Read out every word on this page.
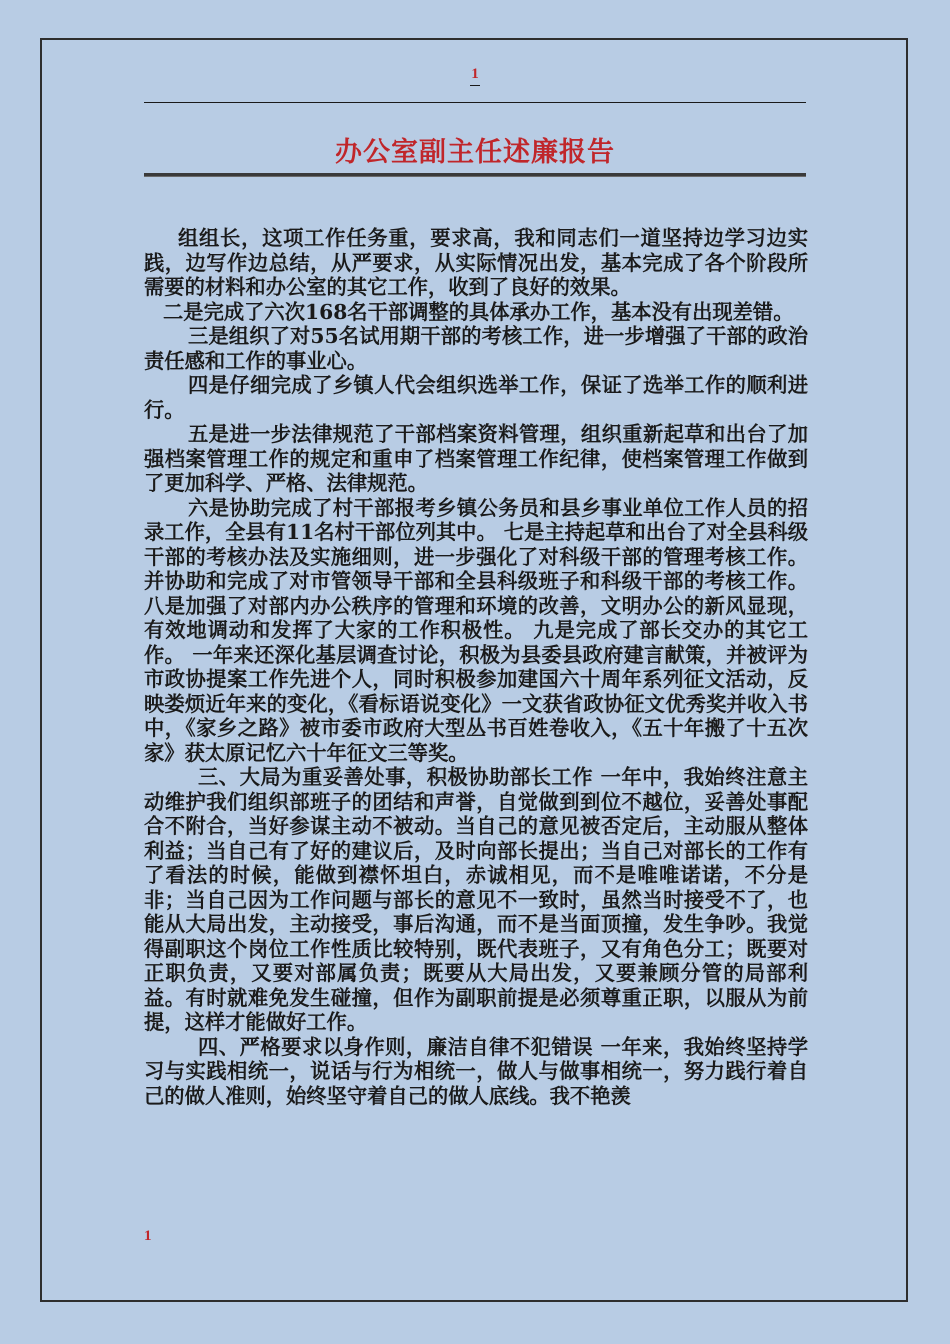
1
办公室副主任述廉报告

组组长，这项工作任务重，要求高，我和同志们一道坚持边学习边实践，边写作边总结，从严要求，从实际情况出发，基本完成了各个阶段所需要的材料和办公室的其它工作，收到了良好的效果。

二是完成了六次168名干部调整的具体承办工作，基本没有出现差错。

三是组织了对55名试用期干部的考核工作，进一步增强了干部的政治责任感和工作的事业心。

四是仔细完成了乡镇人代会组织选举工作，保证了选举工作的顺利进行。

五是进一步法律规范了干部档案资料管理，组织重新起草和出台了加强档案管理工作的规定和重申了档案管理工作纪律，使档案管理工作做到了更加科学、严格、法律规范。

六是协助完成了村干部报考乡镇公务员和县乡事业单位工作人员的招录工作，全县有11名村干部位列其中。 七是主持起草和出台了对全县科级干部的考核办法及实施细则，进一步强化了对科级干部的管理考核工作。并协助和完成了对市管领导干部和全县科级班子和科级干部的考核工作。 八是加强了对部内办公秩序的管理和环境的改善，文明办公的新风显现，有效地调动和发挥了大家的工作积极性。 九是完成了部长交办的其它工作。 一年来还深化基层调查讨论，积极为县委县政府建言献策，并被评为市政协提案工作先进个人，同时积极参加建国六十周年系列征文活动，反映娄烦近年来的变化，《看标语说变化》一文获省政协征文优秀奖并收入书中，《家乡之路》被市委市政府大型丛书百姓卷收入，《五十年搬了十五次家》获太原记忆六十年征文三等奖。

三、大局为重妥善处事，积极协助部长工作 一年中，我始终注意主动维护我们组织部班子的团结和声誉，自觉做到到位不越位，妥善处事配合不附合，当好参谋主动不被动。当自己的意见被否定后，主动服从整体利益；当自己有了好的建议后，及时向部长提出；当自己对部长的工作有了看法的时候，能做到襟怀坦白，赤诚相见，而不是唯唯诺诺，不分是非；当自己因为工作问题与部长的意见不一致时，虽然当时接受不了，也能从大局出发，主动接受，事后沟通，而不是当面顶撞，发生争吵。我觉得副职这个岗位工作性质比较特别，既代表班子，又有角色分工；既要对正职负责，又要对部属负责；既要从大局出发，又要兼顾分管的局部利益。有时就难免发生碰撞，但作为副职前提是必须尊重正职，以服从为前提，这样才能做好工作。

四、严格要求以身作则，廉洁自律不犯错误 一年来，我始终坚持学习与实践相统一，说话与行为相统一，做人与做事相统一，努力践行着自己的做人准则，始终坚守着自己的做人底线。我不艳羡

1
